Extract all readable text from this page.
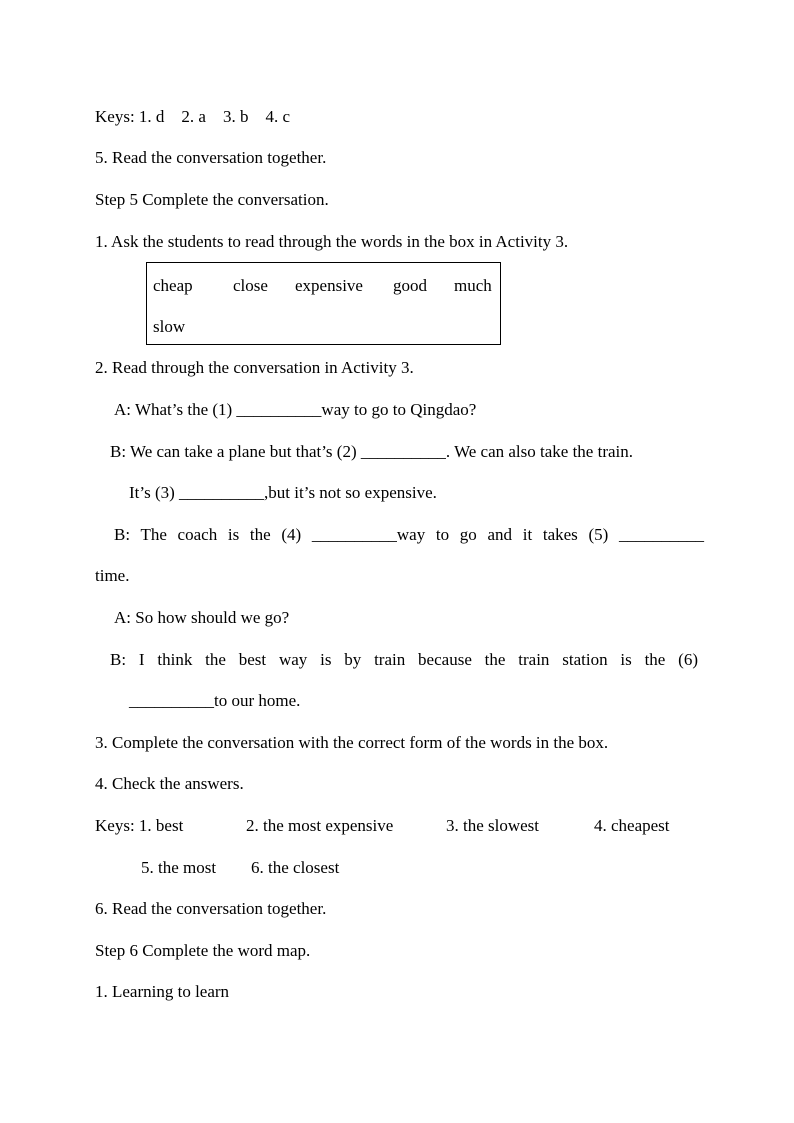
Keys: 1. d    2. a    3. b    4. c
5. Read the conversation together.
Step 5 Complete the conversation.
1. Ask the students to read through the words in the box in Activity 3.
cheap close expensive good much
slow
2. Read through the conversation in Activity 3.
A: What’s the (1) __________way to go to Qingdao?
B: We can take a plane but that’s (2) __________. We can also take the train.
It’s (3) __________,but it’s not so expensive.
B: The coach is the (4) __________way to go and it takes (5) __________
time.
A: So how should we go?
B: I think the best way is by train because the train station is the (6)
__________to our home.
3. Complete the conversation with the correct form of the words in the box.
4. Check the answers.
Keys: 1. best	2. the most expensive	3. the slowest	4. cheapest
5. the most 6. the closest
6. Read the conversation together.
Step 6 Complete the word map.
1. Learning to learn
